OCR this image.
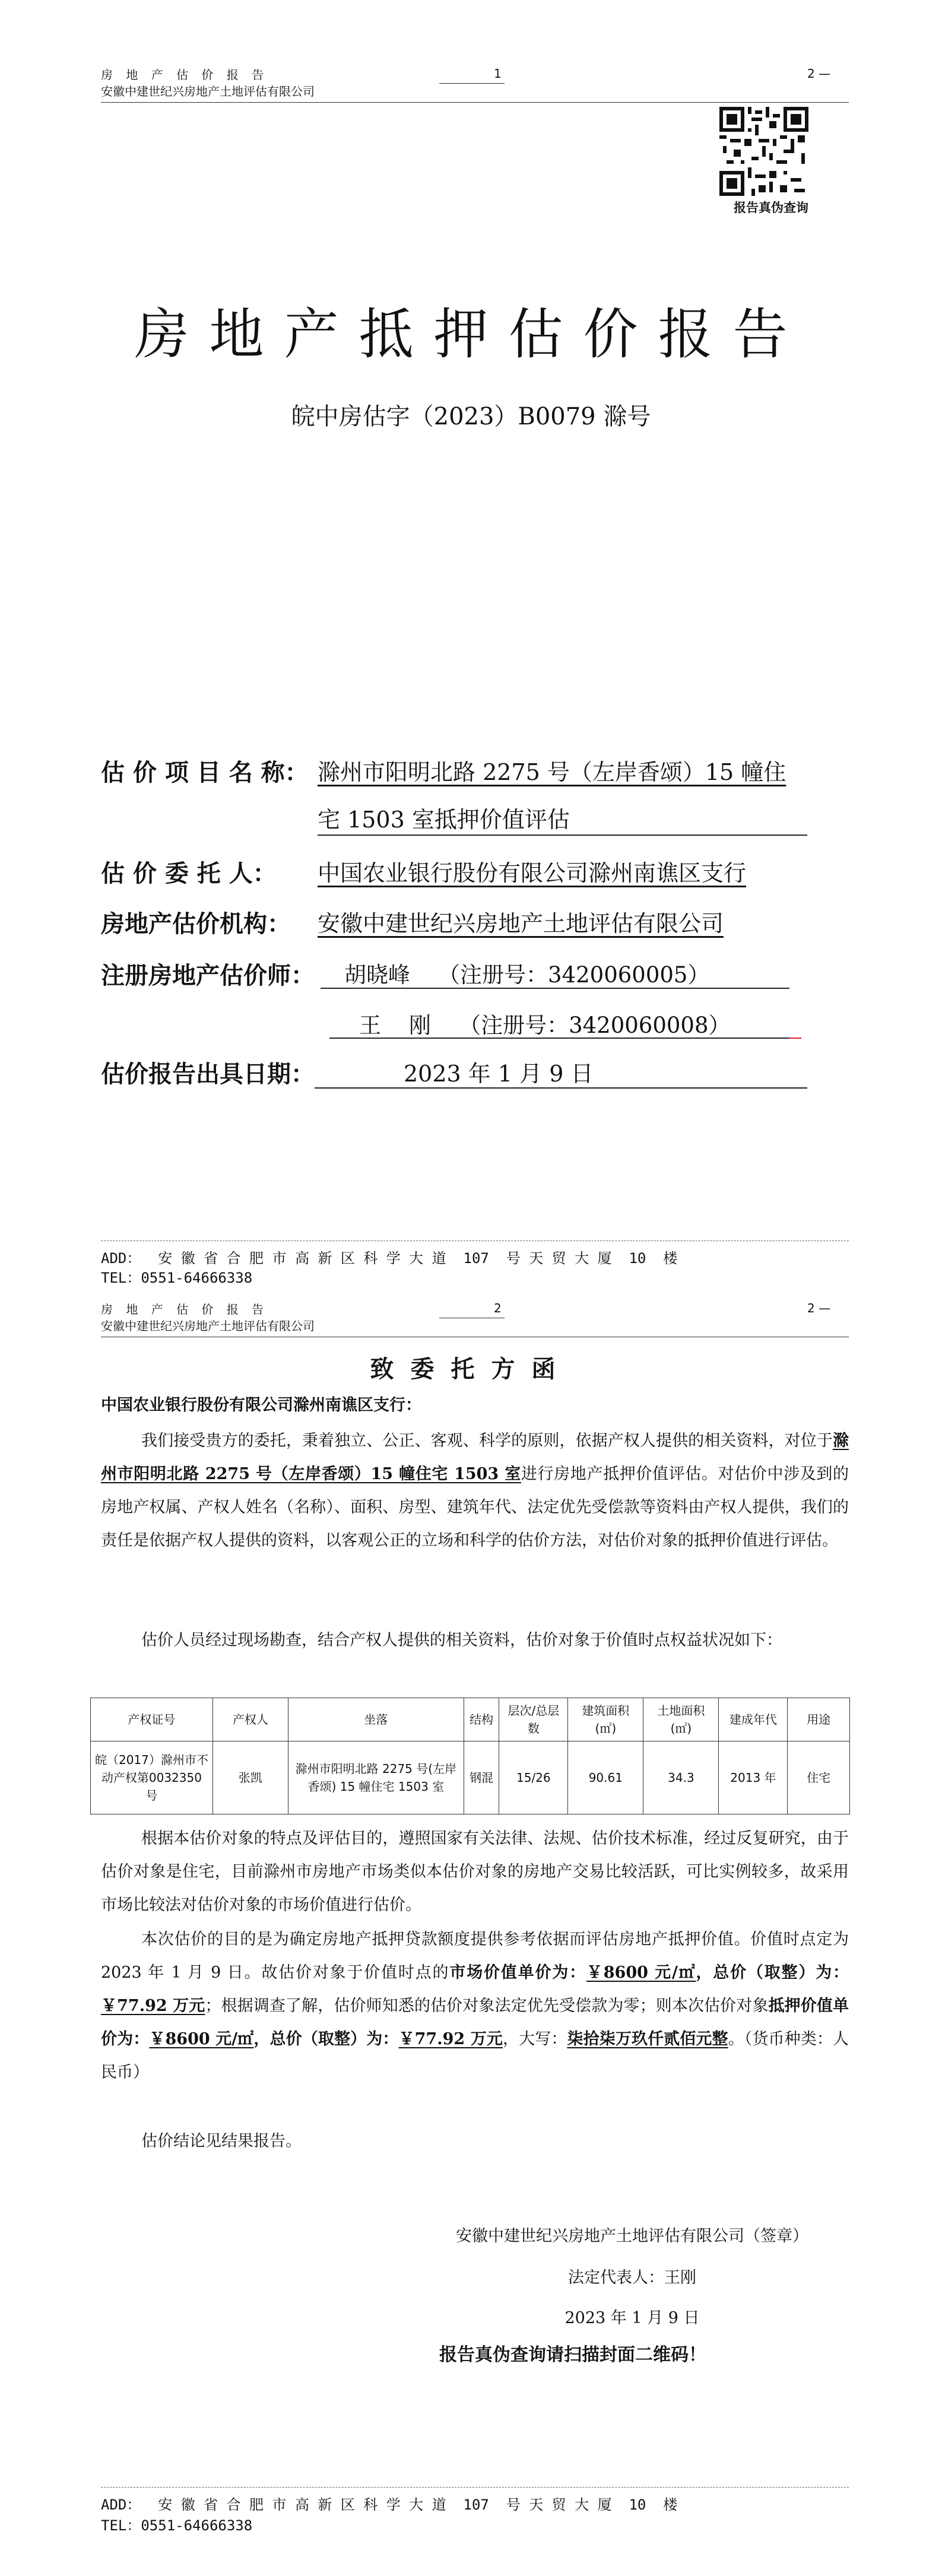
房 地 产 估 价 报 告
安徽中建世纪兴房地产土地评估有限公司
1	2 —
报告真伪查询
房地产抵押估价报告
皖中房估字（2023）B0079 滁号
估 价 项 目 名 称： 滁州市阳明北路 2275 号（左岸香颂）15 幢住
宅 1503 室抵押价值评估
估 价 委 托 人： 中国农业银行股份有限公司滁州南谯区支行
房地产估价机构： 安徽中建世纪兴房地产土地评估有限公司
注册房地产估价师： 胡晓峰    （注册号：3420060005）
王    刚    （注册号：3420060008）
估价报告出具日期：	2023 年 1 月 9 日
ADD：  安 徽 省 合 肥 市 高 新 区 科 学 大 道  107  号 天 贸 大 厦  10  楼
TEL：0551-64666338
房 地 产 估 价 报 告
安徽中建世纪兴房地产土地评估有限公司
2	2 —
致委托方函
中国农业银行股份有限公司滁州南谯区支行：
我们接受贵方的委托，秉着独立、公正、客观、科学的原则，依据产权人提供的相关资料，对位于滁州市阳明北路 2275 号（左岸香颂）15 幢住宅 1503 室进行房地产抵押价值评估。对估价中涉及到的房地产权属、产权人姓名（名称）、面积、房型、建筑年代、法定优先受偿款等资料由产权人提供，我们的责任是依据产权人提供的资料，以客观公正的立场和科学的估价方法，对估价对象的抵押价值进行评估。
估价人员经过现场勘查，结合产权人提供的相关资料，估价对象于价值时点权益状况如下：
产权证号	产权人	坐落	结构	层次/总层数	建筑面积(㎡)	土地面积(㎡)	建成年代	用途
皖（2017）滁州市不动产权第0032350 号	张凯	滁州市阳明北路 2275 号(左岸香颂) 15 幢住宅 1503 室	钢混	15/26	90.61	34.3	2013 年	住宅
根据本估价对象的特点及评估目的，遵照国家有关法律、法规、估价技术标准，经过反复研究，由于估价对象是住宅，目前滁州市房地产市场类似本估价对象的房地产交易比较活跃，可比实例较多，故采用市场比较法对估价对象的市场价值进行估价。
本次估价的目的是为确定房地产抵押贷款额度提供参考依据而评估房地产抵押价值。价值时点定为 2023 年 1 月 9 日。故估价对象于价值时点的市场价值单价为：￥8600 元/㎡，总价（取整）为：￥77.92 万元；根据调查了解，估价师知悉的估价对象法定优先受偿款为零；则本次估价对象抵押价值单价为：￥8600 元/㎡，总价（取整）为：￥77.92 万元，大写：柒拾柒万玖仟贰佰元整。（货币种类：人民币）
估价结论见结果报告。
安徽中建世纪兴房地产土地评估有限公司（签章）
法定代表人：王刚
2023 年 1 月 9 日
报告真伪查询请扫描封面二维码！
ADD：  安 徽 省 合 肥 市 高 新 区 科 学 大 道  107  号 天 贸 大 厦  10  楼
TEL：0551-64666338
